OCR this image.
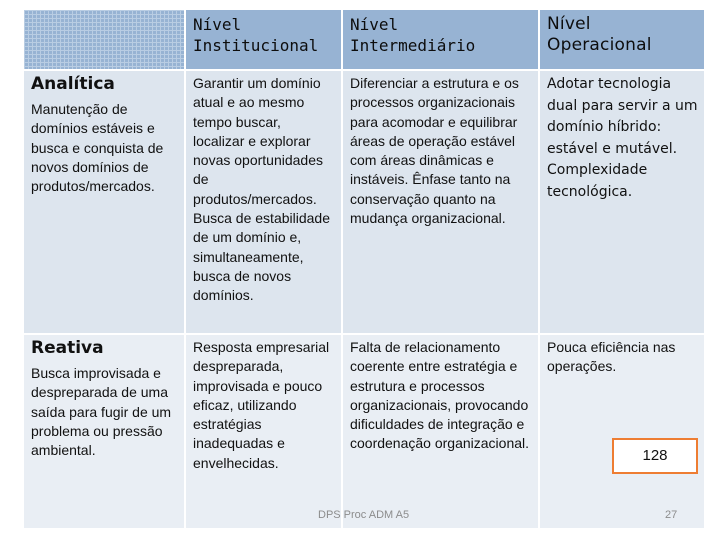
	Nível Institucional	Nível Intermediário	Nível Operacional

Analítica
Manutenção de domínios estáveis e busca e conquista de novos domínios de produtos/mercados.	Garantir um domínio atual e ao mesmo tempo buscar, localizar e explorar novas oportunidades de produtos/mercados. Busca de estabilidade de um domínio e, simultaneamente, busca de novos domínios.	Diferenciar a estrutura e os processos organizacionais para acomodar e equilibrar áreas de operação estável com áreas dinâmicas e instáveis. Ênfase tanto na conservação quanto na mudança organizacional.	Adotar tecnologia dual para servir a um domínio híbrido: estável e mutável. Complexidade tecnológica.

Reativa
Busca improvisada e despreparada de uma saída para fugir de um problema ou pressão ambiental.	Resposta empresarial despreparada, improvisada e pouco eficaz, utilizando estratégias inadequadas e envelhecidas.	Falta de relacionamento coerente entre estratégia e estrutura e processos organizacionais, provocando dificuldades de integração e coordenação organizacional.	Pouca eficiência nas operações.
128
DPS Proc ADM A5	27
